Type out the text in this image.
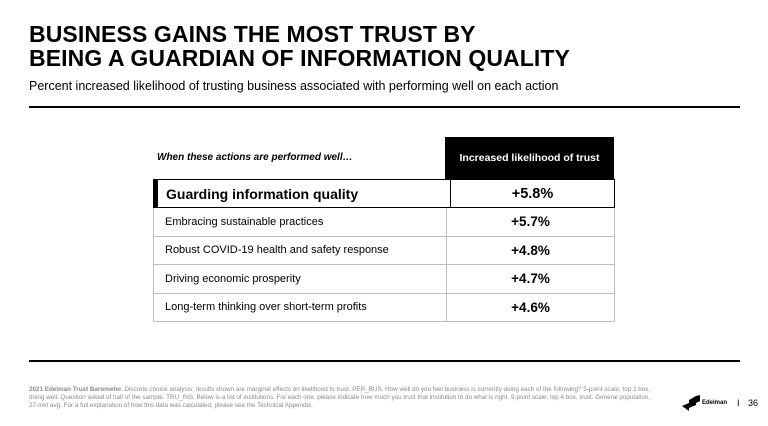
BUSINESS GAINS THE MOST TRUST BY
BEING A GUARDIAN OF INFORMATION QUALITY
Percent increased likelihood of trusting business associated with performing well on each action
When these actions are performed well…	Increased likelihood of trust
Guarding information quality	+5.8%
Embracing sustainable practices	+5.7%
Robust COVID-19 health and safety response	+4.8%
Driving economic prosperity	+4.7%
Long-term thinking over short-term profits	+4.6%
2021 Edelman Trust Barometer. Discrete choice analysis; results shown are marginal effects on likelihood to trust. PER_BUS. How well do you feel business is currently doing each of the following? 5-point scale; top 2 box, doing well. Question asked of half of the sample. TRU_INS. Below is a list of institutions. For each one, please indicate how much you trust that institution to do what is right. 9-point scale; top 4 box, trust. General population, 27-mkt avg. For a full explanation of how this data was calculated, please see the Technical Appendix.	Edelman I 36
